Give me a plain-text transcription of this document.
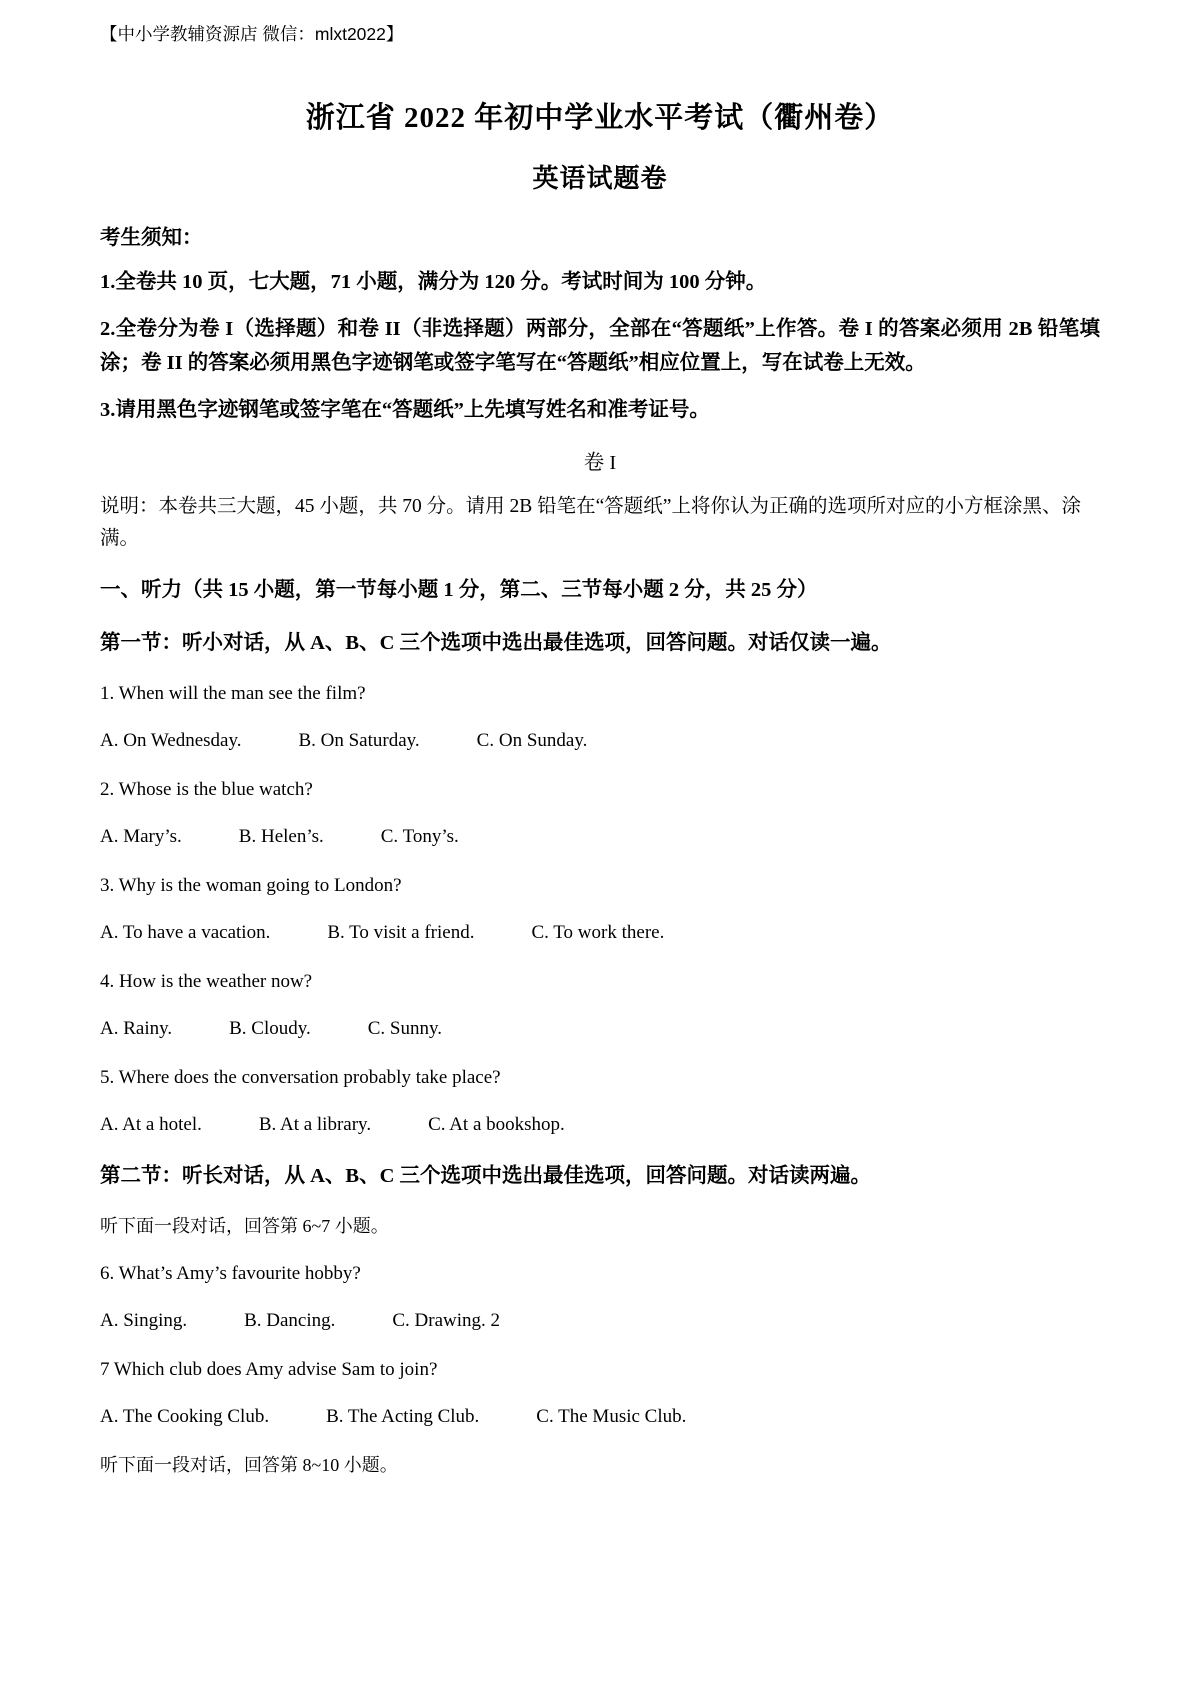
【中小学教辅资源店 微信：mlxt2022】
浙江省 2022 年初中学业水平考试（衢州卷）
英语试题卷
考生须知：

1.全卷共 10 页，七大题，71 小题，满分为 120 分。考试时间为 100 分钟。

2.全卷分为卷 I（选择题）和卷 II（非选择题）两部分，全部在“答题纸”上作答。卷 I 的答案必须用 2B 铅笔填涂；卷 II 的答案必须用黑色字迹钢笔或签字笔写在“答题纸”相应位置上，写在试卷上无效。

3.请用黑色字迹钢笔或签字笔在“答题纸”上先填写姓名和准考证号。

卷 I

说明：本卷共三大题，45 小题，共 70 分。请用 2B 铅笔在“答题纸”上将你认为正确的选项所对应的小方框涂黑、涂满。

一、听力（共 15 小题，第一节每小题 1 分，第二、三节每小题 2 分，共 25 分）

第一节：听小对话，从 A、B、C 三个选项中选出最佳选项，回答问题。对话仅读一遍。

1. When will the man see the film?

A. On Wednesday.            B. On Saturday.            C. On Sunday.

2. Whose is the blue watch?

A. Mary’s.            B. Helen’s.            C. Tony’s.

3. Why is the woman going to London?

A. To have a vacation.            B. To visit a friend.            C. To work there.

4. How is the weather now?

A. Rainy.            B. Cloudy.            C. Sunny.

5. Where does the conversation probably take place?

A. At a hotel.            B. At a library.            C. At a bookshop.

第二节：听长对话，从 A、B、C 三个选项中选出最佳选项，回答问题。对话读两遍。

听下面一段对话，回答第 6~7 小题。

6. What’s Amy’s favourite hobby?

A. Singing.            B. Dancing.            C. Drawing. 2

7 Which club does Amy advise Sam to join?

A. The Cooking Club.            B. The Acting Club.            C. The Music Club.

听下面一段对话，回答第 8~10 小题。
